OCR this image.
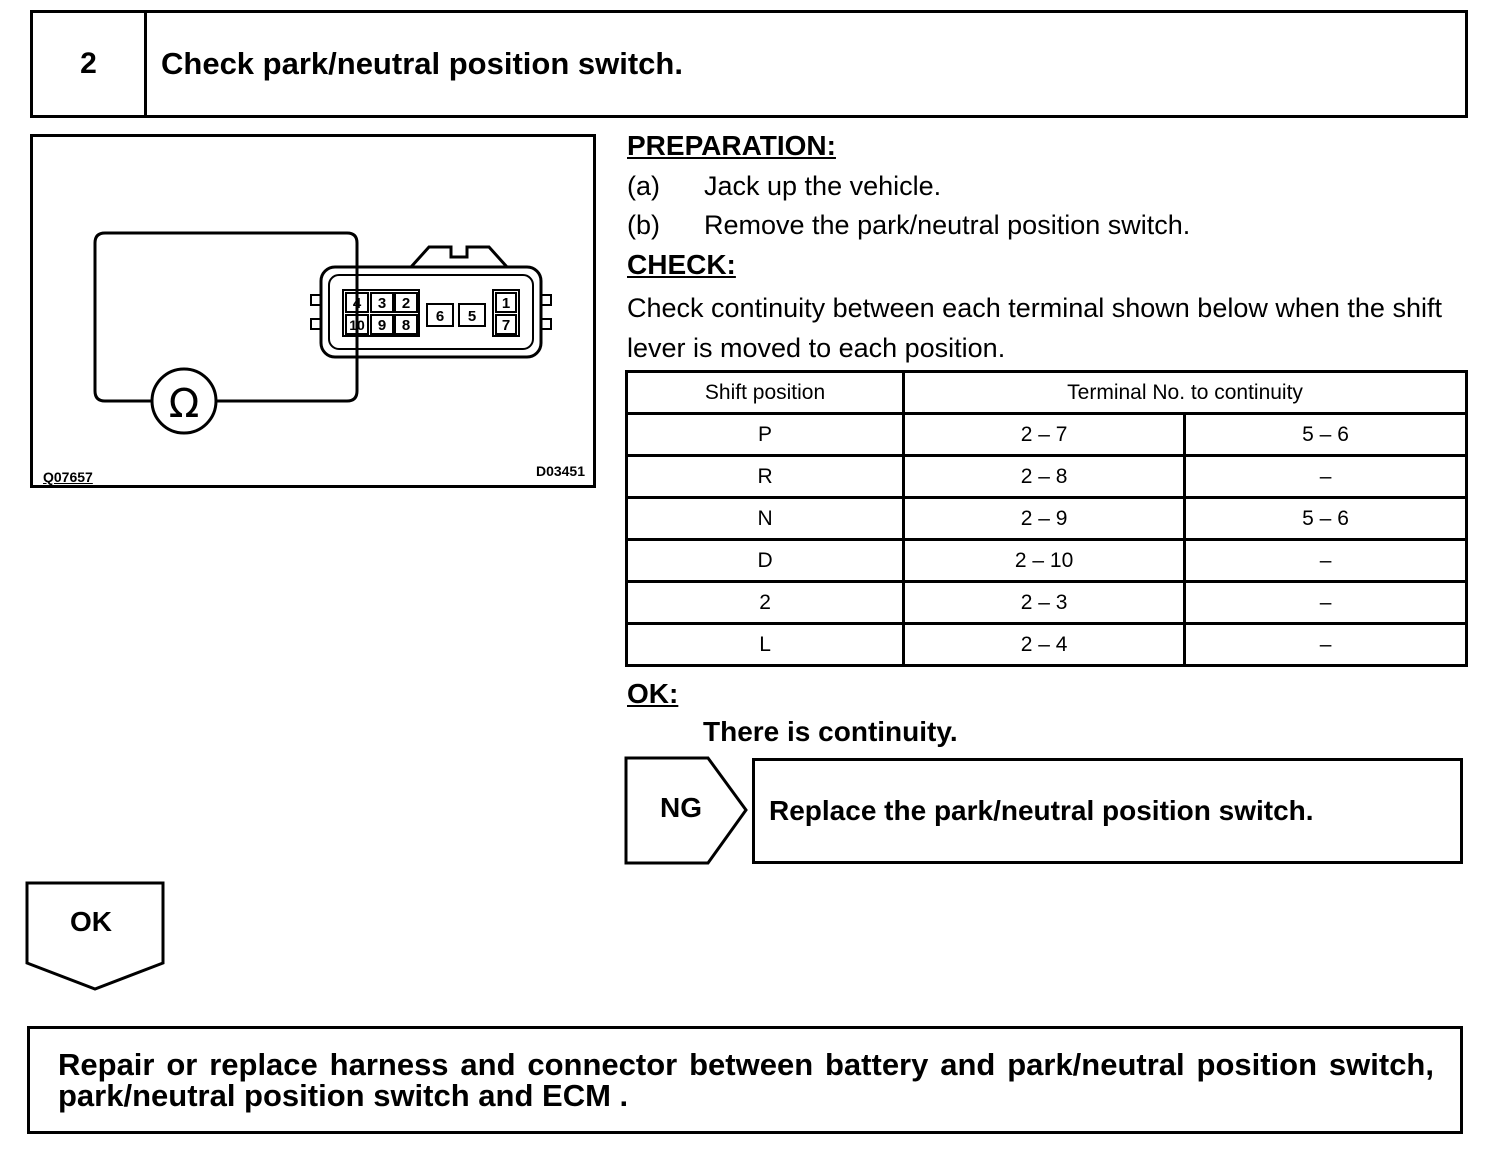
2	Check park/neutral position switch.
4 3 2
6 5
1
10 9 8	7
Ω
Q07657	D03451
PREPARATION:
(a) Jack up the vehicle.
(b) Remove the park/neutral position switch.
CHECK:
Check continuity between each terminal shown below when the shift lever is moved to each position.
Shift position	Terminal No. to continuity	
P	2 – 7	5 – 6
R	2 – 8	–
N	2 – 9	5 – 6
D	2 – 10	–
2	2 – 3	–
L	2 – 4	–
OK:
There is continuity.
NG Replace the park/neutral position switch.
OK
Repair or replace harness and connector between battery and park/neutral position switch, park/neutral position switch and ECM .
